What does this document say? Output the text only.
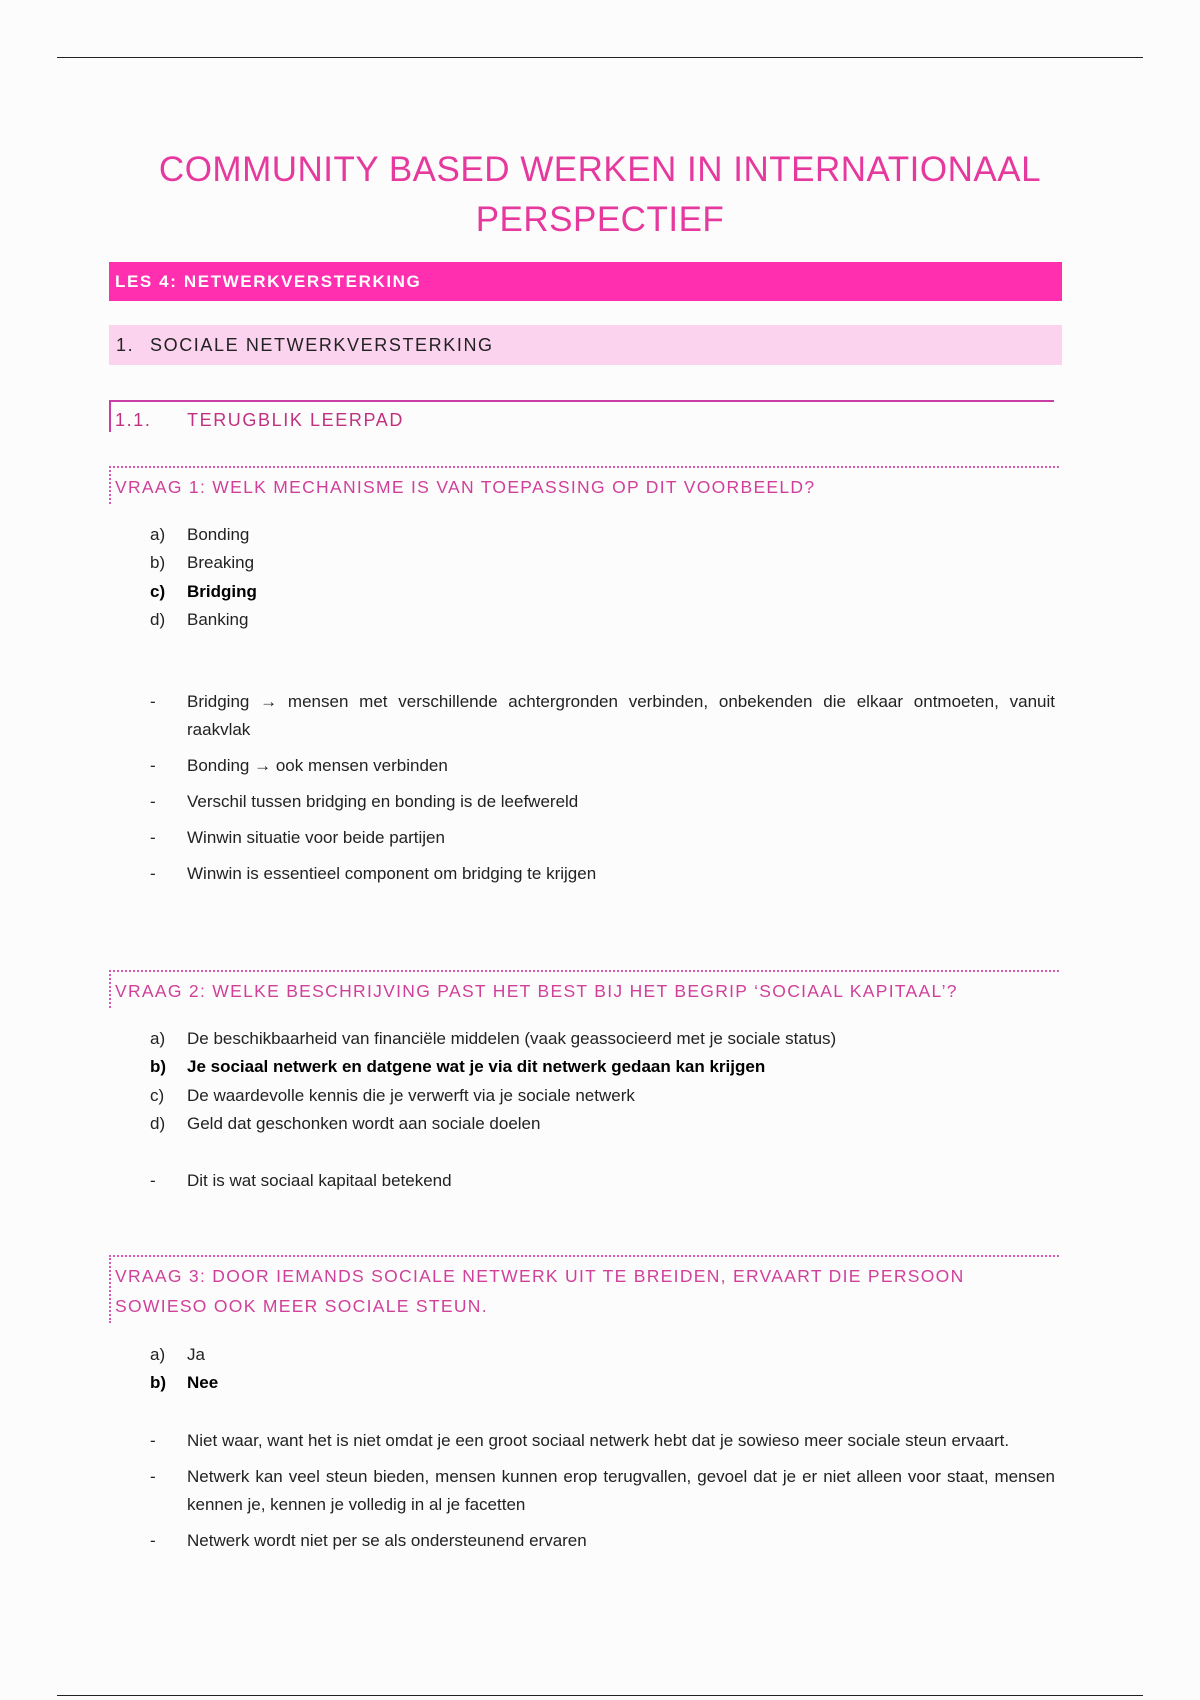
COMMUNITY BASED WERKEN IN INTERNATIONAAL
PERSPECTIEF
LES 4: NETWERKVERSTERKING
1. SOCIALE NETWERKVERSTERKING
1.1. TERUGBLIK LEERPAD
VRAAG 1: WELK MECHANISME IS VAN TOEPASSING OP DIT VOORBEELD?
a) Bonding
b) Breaking
c) Bridging
d) Banking
- Bridging → mensen met verschillende achtergronden verbinden, onbekenden die elkaar ontmoeten, vanuit raakvlak
- Bonding → ook mensen verbinden
- Verschil tussen bridging en bonding is de leefwereld
- Winwin situatie voor beide partijen
- Winwin is essentieel component om bridging te krijgen
VRAAG 2: WELKE BESCHRIJVING PAST HET BEST BIJ HET BEGRIP ‘SOCIAAL KAPITAAL’?
a) De beschikbaarheid van financiële middelen (vaak geassocieerd met je sociale status)
b) Je sociaal netwerk en datgene wat je via dit netwerk gedaan kan krijgen
c) De waardevolle kennis die je verwerft via je sociale netwerk
d) Geld dat geschonken wordt aan sociale doelen
- Dit is wat sociaal kapitaal betekend
VRAAG 3: DOOR IEMANDS SOCIALE NETWERK UIT TE BREIDEN, ERVAART DIE PERSOON
SOWIESO OOK MEER SOCIALE STEUN.
a) Ja
b) Nee
- Niet waar, want het is niet omdat je een groot sociaal netwerk hebt dat je sowieso meer sociale steun ervaart.
- Netwerk kan veel steun bieden, mensen kunnen erop terugvallen, gevoel dat je er niet alleen voor staat, mensen kennen je, kennen je volledig in al je facetten
- Netwerk wordt niet per se als ondersteunend ervaren
